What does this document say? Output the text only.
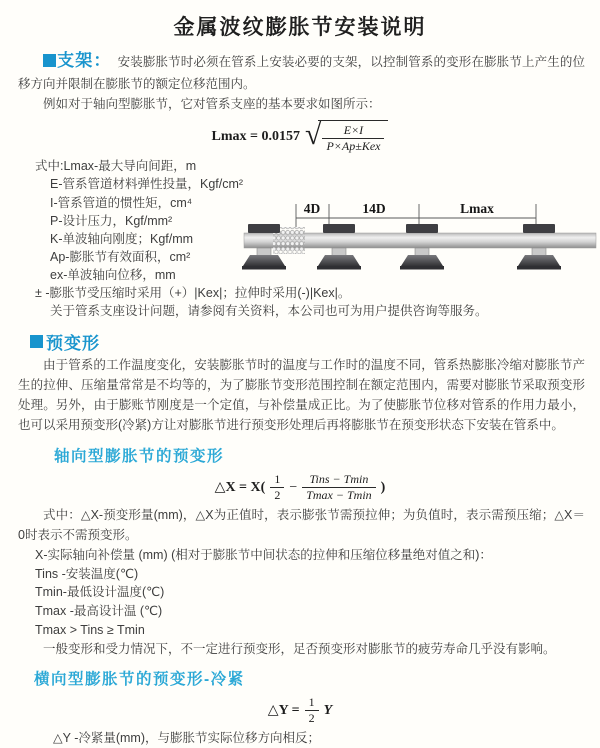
金属波纹膨胀节安装说明

支架： 安装膨胀节时必须在管系上安装必要的支架，以控制管系的变形在膨胀节上产生的位移方向并限制在膨胀节的额定位移范围内。

例如对于轴向型膨胀节，它对管系支座的基本要求如图所示：

Lmax = 0.0157 √ $\frac{E\times I}{\text{P×Ap±Kex}}$
式中:Lmax-最大导向间距，m
E-管系管道材料弹性投量，Kgf/cm²
I-管系管道的惯性矩，cm⁴
P-设计压力，Kgf/mm²
K-单波轴向刚度；Kgf/mm
Ap-膨胀节有效面积，cm²
ex-单波轴向位移，mm
± -膨胀节受压缩时采用（+）|Kex|；拉伸时采用(-)|Kex|。
关于管系支座设计问题，请参阅有关资料，本公司也可为用户提供咨询等服务。
4D	14D	Lmax
预变形

由于管系的工作温度变化，安装膨胀节时的温度与工作时的温度不同，管系热膨胀冷缩对膨胀节产生的拉伸、压缩量常常是不均等的，为了膨胀节变形范围控制在额定范围内，需要对膨胀节采取预变形处理。另外，由于膨账节刚度是一个定值，与补偿量成正比。为了使膨胀节位移对管系的作用力最小，也可以采用预变形(冷紧)方让对膨胀节进行预变形处理后再将膨胀节在预变形状态下安装在管系中。

轴向型膨胀节的预变形
△X = $X( \frac{1}{2} - \frac{\text{Tins − Tmin}}{Tmax - Tmin}$ )

式中：△X-预变形量(mm)，△X为正值时，表示膨张节需预拉伸；为负值时，表示需预压缩；△X＝0时表示不需预变形。

X-实际轴向补偿量 (mm) (相对于膨胀节中间状态的拉伸和压缩位移量绝对值之和)：
Tins -安装温度(℃)
Tmin-最低设计温度(℃)
Tmax -最高设计温 (℃)
Tmax > Tins ≥ Tmin
一般变形和受力情况下，不一定进行预变形，足否预变形对膨胀节的疲劳寿命几乎没有影响。
横向型膨胀节的预变形-冷紧
△Y = $\frac{1}{2}$ Y

△Y -冷紧量(mm)，与膨胀节实际位移方向相反；
